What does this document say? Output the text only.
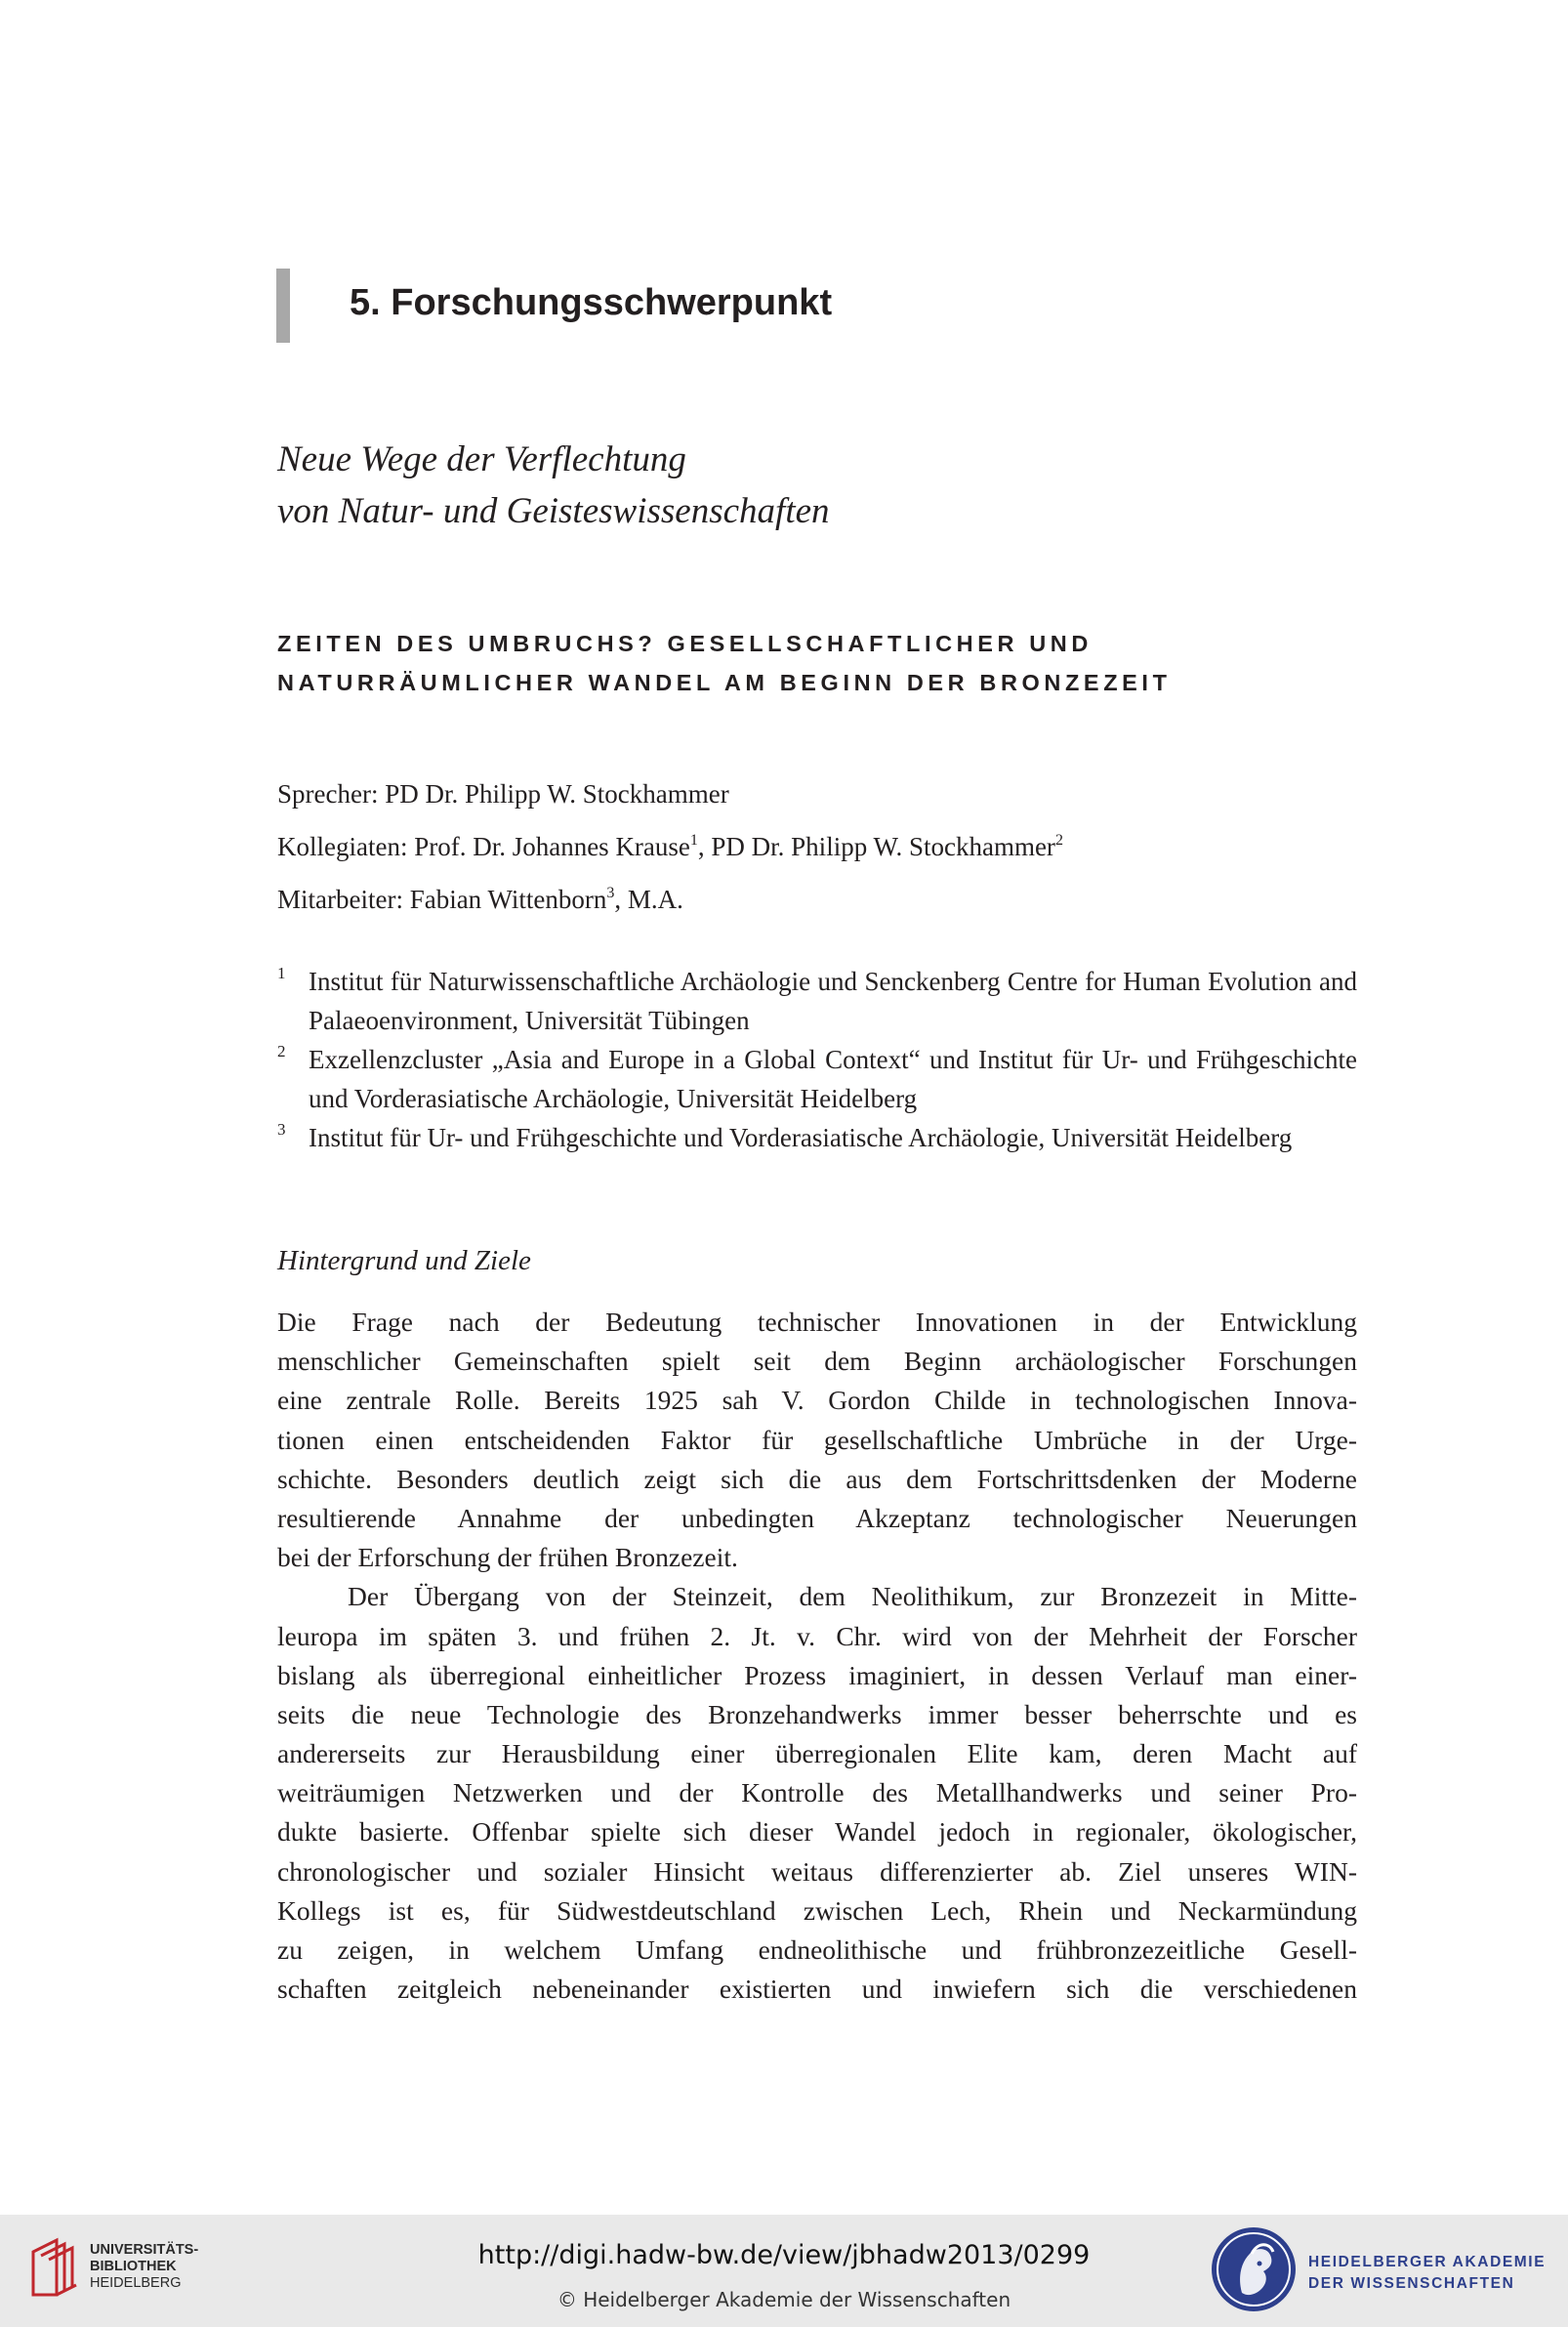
5. Forschungsschwerpunkt
Neue Wege der Verflechtung
von Natur- und Geisteswissenschaften
ZEITEN DES UMBRUCHS? GESELLSCHAFTLICHER UND
NATURRÄUMLICHER WANDEL AM BEGINN DER BRONZEZEIT
Sprecher: PD Dr. Philipp W. Stockhammer
Kollegiaten: Prof. Dr. Johannes Krause$^1$, PD Dr. Philipp W. Stockhammer$^2$
Mitarbeiter: Fabian Wittenborn$^3$, M.A.
1 Institut für Naturwissenschaftliche Archäologie und Senckenberg Centre for Human Evolution and Palaeoenvironment, Universität Tübingen
2 Exzellenzcluster „Asia and Europe in a Global Context“ und Institut für Ur- und Frühgeschichte und Vorderasiatische Archäologie, Universität Heidelberg
3 Institut für Ur- und Frühgeschichte und Vorderasiatische Archäologie, Universität Heidelberg
Hintergrund und Ziele
Die Frage nach der Bedeutung technischer Innovationen in der Entwicklung
menschlicher Gemeinschaften spielt seit dem Beginn archäologischer Forschungen
eine zentrale Rolle. Bereits 1925 sah V. Gordon Childe in technologischen Innova-
tionen einen entscheidenden Faktor für gesellschaftliche Umbrüche in der Urge-
schichte. Besonders deutlich zeigt sich die aus dem Fortschrittsdenken der Moderne
resultierende Annahme der unbedingten Akzeptanz technologischer Neuerungen
bei der Erforschung der frühen Bronzezeit.
Der Übergang von der Steinzeit, dem Neolithikum, zur Bronzezeit in Mitte-
leuropa im späten 3. und frühen 2. Jt. v. Chr. wird von der Mehrheit der Forscher
bislang als überregional einheitlicher Prozess imaginiert, in dessen Verlauf man einer-
seits die neue Technologie des Bronzehandwerks immer besser beherrschte und es
andererseits zur Herausbildung einer überregionalen Elite kam, deren Macht auf
weiträumigen Netzwerken und der Kontrolle des Metallhandwerks und seiner Pro-
dukte basierte. Offenbar spielte sich dieser Wandel jedoch in regionaler, ökologischer,
chronologischer und sozialer Hinsicht weitaus differenzierter ab. Ziel unseres WIN-
Kollegs ist es, für Südwestdeutschland zwischen Lech, Rhein und Neckarmündung
zu zeigen, in welchem Umfang endneolithische und frühbronzezeitliche Gesell-
schaften zeitgleich nebeneinander existierten und inwiefern sich die verschiedenen
UNIVERSITÄTS-
BIBLIOTHEK
HEIDELBERG
http://digi.hadw-bw.de/view/jbhadw2013/0299
© Heidelberger Akademie der Wissenschaften
HEIDELBERGER AKADEMIE
DER WISSENSCHAFTEN
